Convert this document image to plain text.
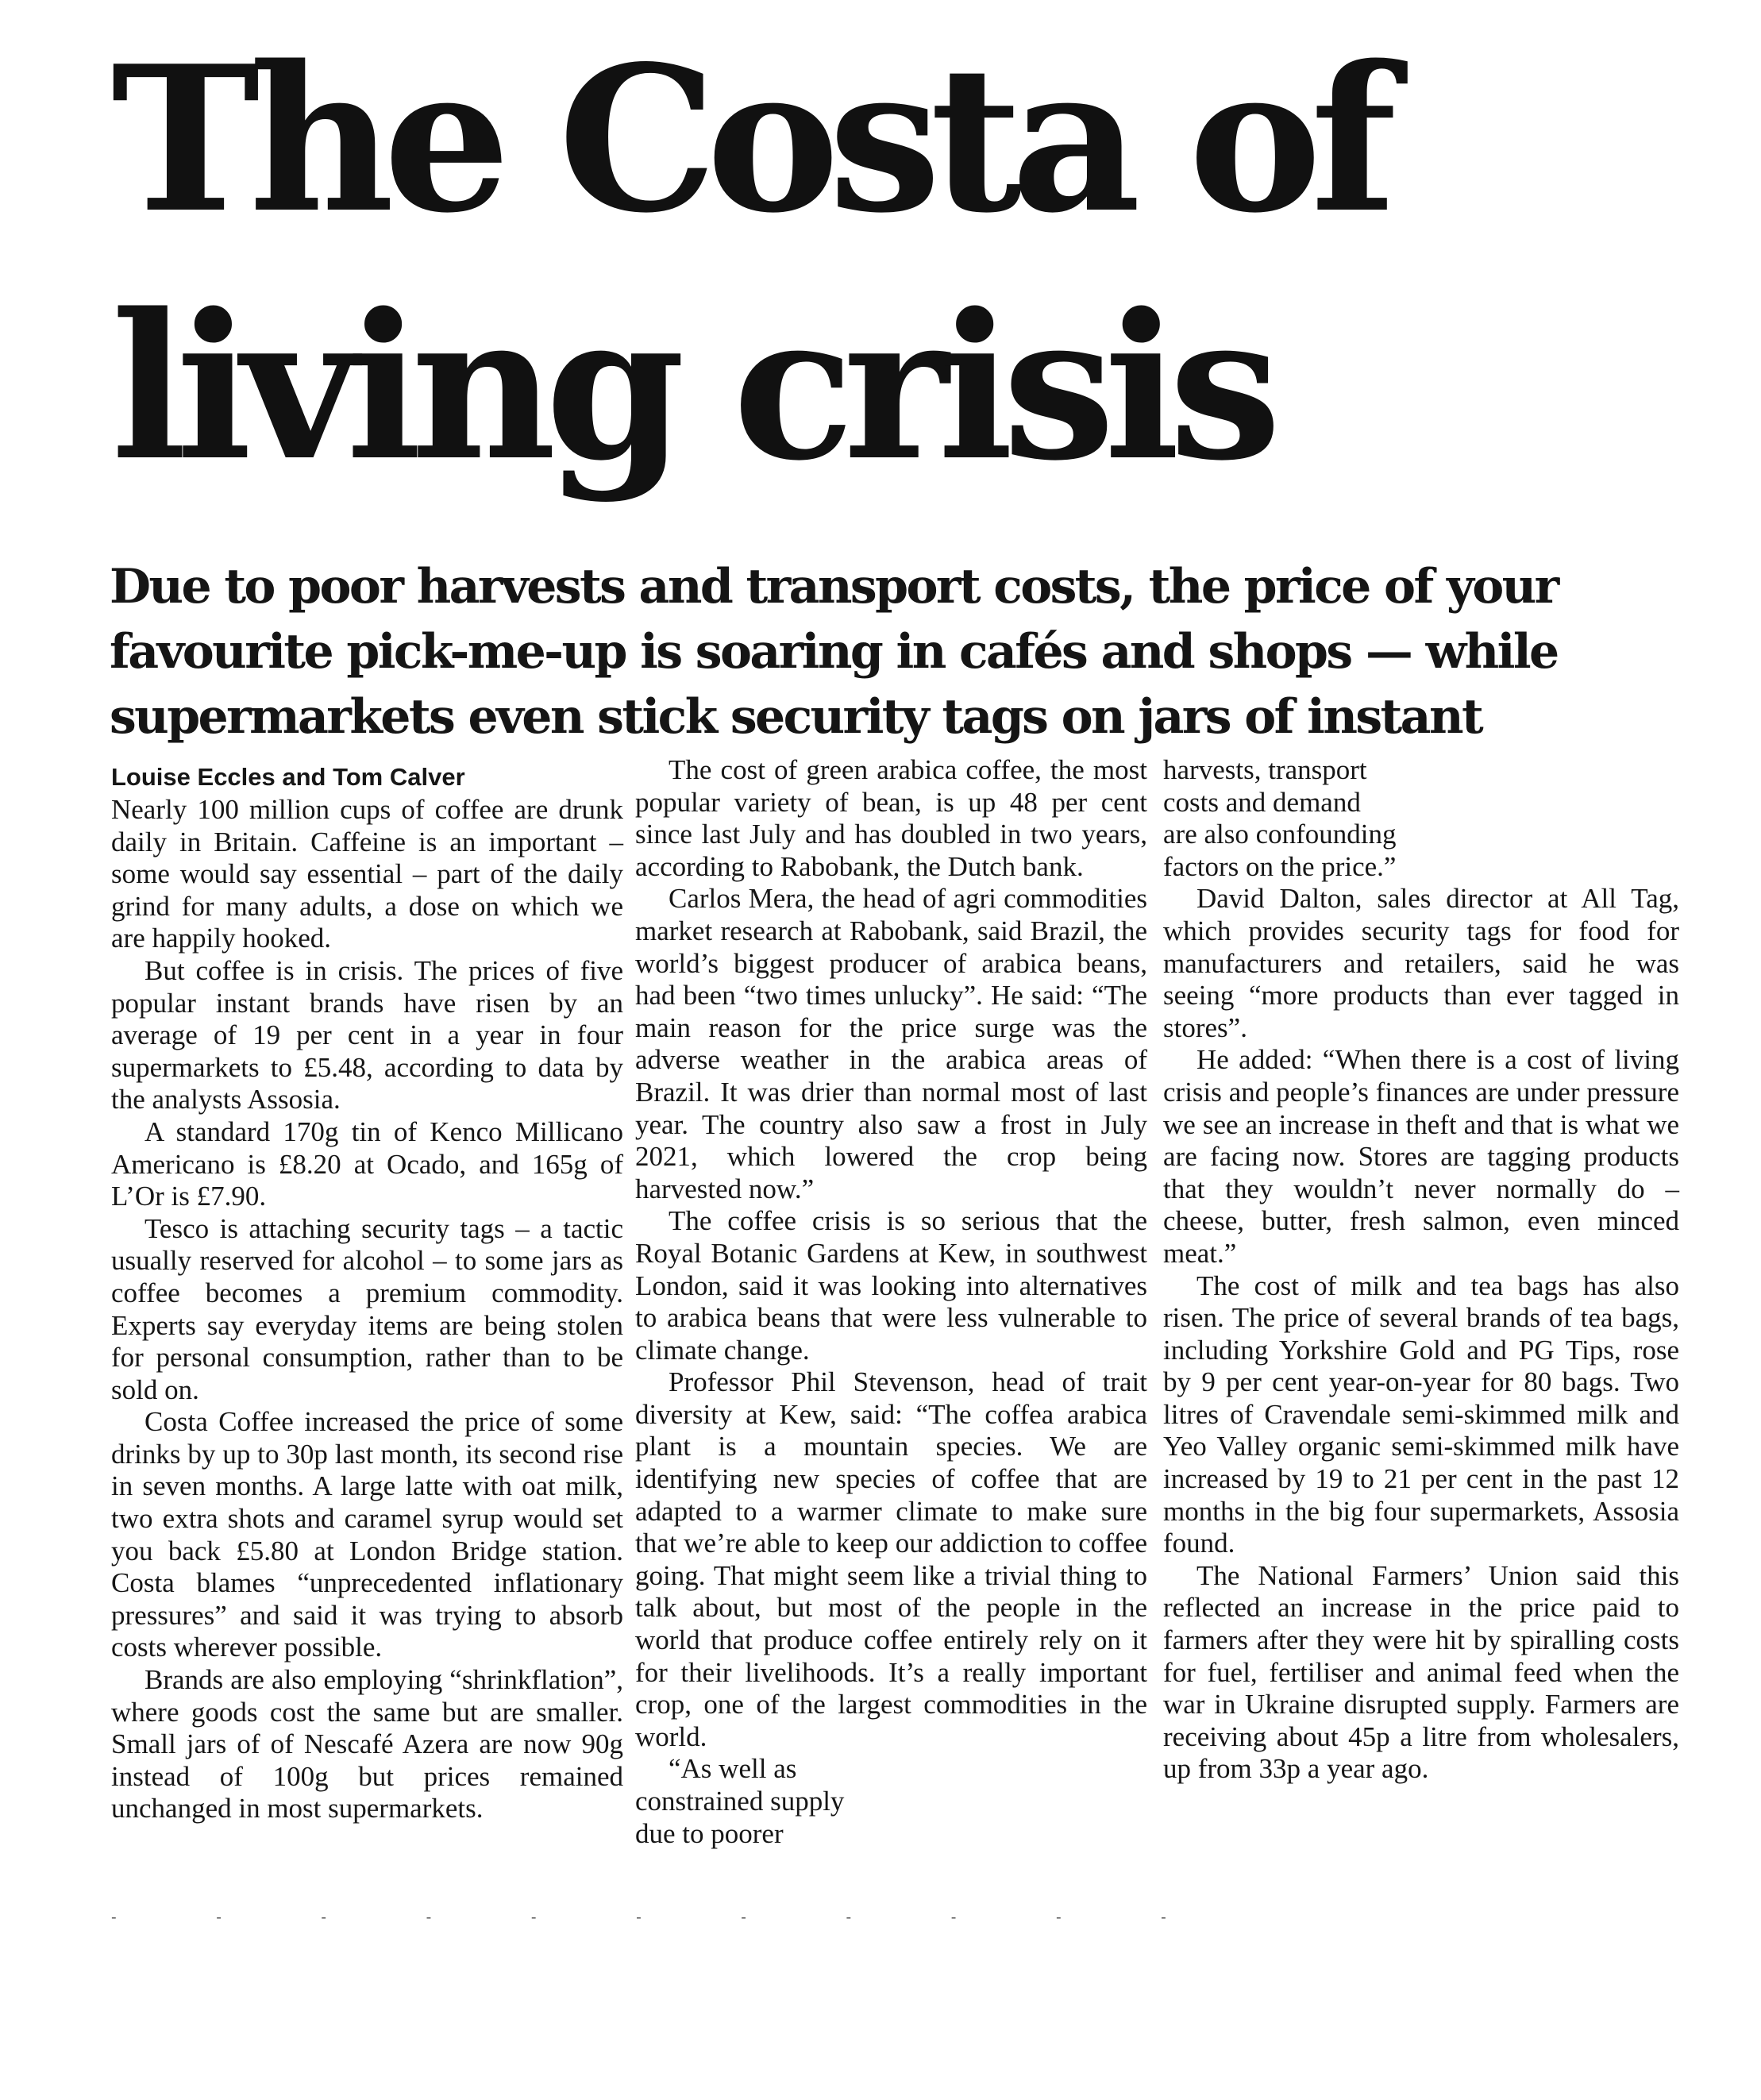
The Costa of
living crisis
Due to poor harvests and transport costs, the price of your
favourite pick-me-up is soaring in cafés and shops — while
supermarkets even stick security tags on jars of instant
Louise Eccles and Tom Calver

Nearly 100 million cups of coffee are drunk daily in Britain. Caffeine is an important – some would say essential – part of the daily grind for many adults, a dose on which we are happily hooked.

But coffee is in crisis. The prices of five popular instant brands have risen by an average of 19 per cent in a year in four supermarkets to £5.48, according to data by the analysts Assosia.

A standard 170g tin of Kenco Millicano Americano is £8.20 at Ocado, and 165g of L’Or is £7.90.

Tesco is attaching security tags – a tactic usually reserved for alcohol – to some jars as coffee becomes a premium commodity. Experts say everyday items are being stolen for personal consumption, rather than to be sold on.

Costa Coffee increased the price of some drinks by up to 30p last month, its second rise in seven months. A large latte with oat milk, two extra shots and caramel syrup would set you back £5.80 at London Bridge station. Costa blames “unprecedented inflationary pressures” and said it was trying to absorb costs wherever possible.

Brands are also employing “shrinkflation”, where goods cost the same but are smaller. Small jars of of Nescafé Azera are now 90g instead of 100g but prices remained unchanged in most supermarkets.

The cost of green arabica coffee, the most popular variety of bean, is up 48 per cent since last July and has doubled in two years, according to Rabobank, the Dutch bank.

Carlos Mera, the head of agri commodities market research at Rabobank, said Brazil, the world’s biggest producer of arabica beans, had been “two times unlucky”. He said: “The main reason for the price surge was the adverse weather in the arabica areas of Brazil. It was drier than normal most of last year. The country also saw a frost in July 2021, which lowered the crop being harvested now.”

The coffee crisis is so serious that the Royal Botanic Gardens at Kew, in southwest London, said it was looking into alternatives to arabica beans that were less vulnerable to climate change.

Professor Phil Stevenson, head of trait diversity at Kew, said: “The coffea arabica plant is a mountain species. We are identifying new species of coffee that are adapted to a warmer climate to make sure that we’re able to keep our addiction to coffee going. That might seem like a trivial thing to talk about, but most of the people in the world that produce coffee entirely rely on it for their livelihoods. It’s a really important crop, one of the largest commodities in the world.

“As well as constrained supply due to poorer

harvests, transport costs and demand are also confounding factors on the price.”

David Dalton, sales director at All Tag, which provides security tags for food for manufacturers and retailers, said he was seeing “more products than ever tagged in stores”.

He added: “When there is a cost of living crisis and people’s finances are under pressure we see an increase in theft and that is what we are facing now. Stores are tagging products that they wouldn’t never normally do – cheese, butter, fresh salmon, even minced meat.”

The cost of milk and tea bags has also risen. The price of several brands of tea bags, including Yorkshire Gold and PG Tips, rose by 9 per cent year-on-year for 80 bags. Two litres of Cravendale semi-skimmed milk and Yeo Valley organic semi-skimmed milk have increased by 19 to 21 per cent in the past 12 months in the big four supermarkets, Assosia found.

The National Farmers’ Union said this reflected an increase in the price paid to farmers after they were hit by spiralling costs for fuel, fertiliser and animal feed when the war in Ukraine disrupted supply. Farmers are receiving about 45p a litre from wholesalers, up from 33p a year ago.

- - - - - - - - - - -
